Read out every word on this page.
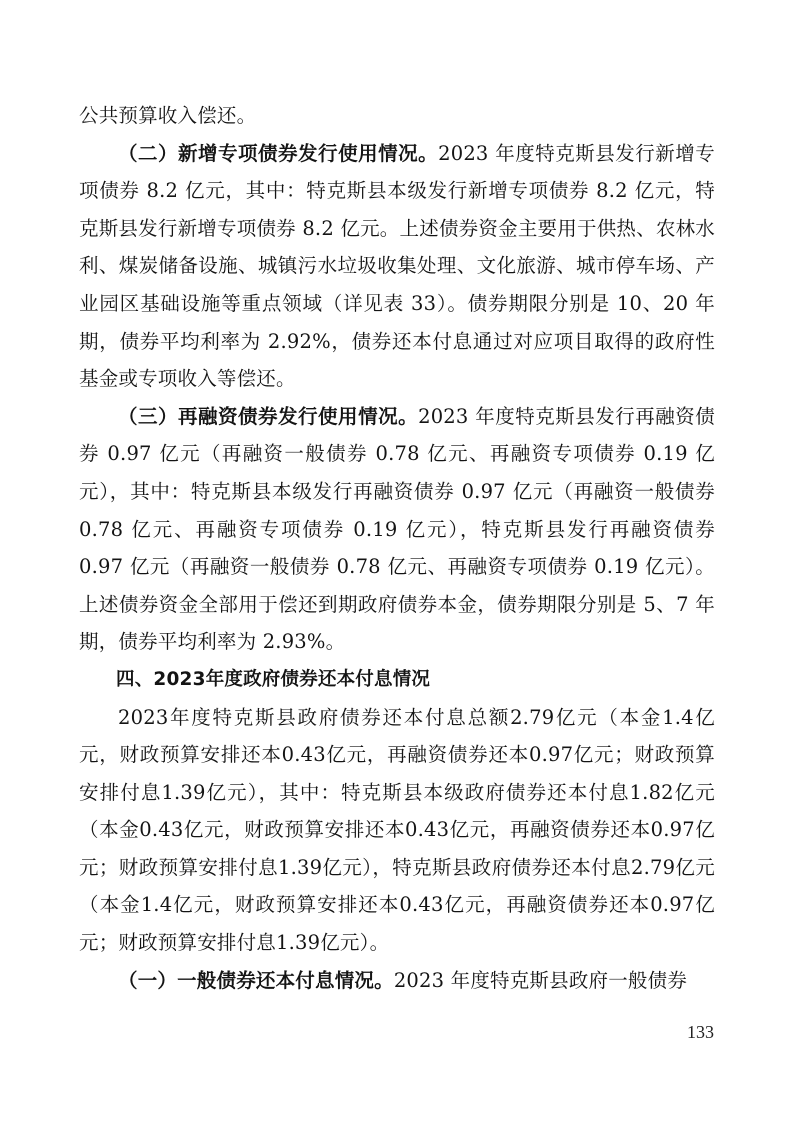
公共预算收入偿还。

（二）新增专项债券发行使用情况。2023 年度特克斯县发行新增专项债券 8.2 亿元，其中：特克斯县本级发行新增专项债券 8.2 亿元，特克斯县发行新增专项债券 8.2 亿元。上述债券资金主要用于供热、农林水利、煤炭储备设施、城镇污水垃圾收集处理、文化旅游、城市停车场、产业园区基础设施等重点领域（详见表 33）。债券期限分别是 10、20 年期，债券平均利率为 2.92%，债券还本付息通过对应项目取得的政府性基金或专项收入等偿还。

（三）再融资债券发行使用情况。2023 年度特克斯县发行再融资债券 0.97 亿元（再融资一般债券 0.78 亿元、再融资专项债券 0.19 亿元），其中：特克斯县本级发行再融资债券 0.97 亿元（再融资一般债券 0.78 亿元、再融资专项债券 0.19 亿元），特克斯县发行再融资债券 0.97 亿元（再融资一般债券 0.78 亿元、再融资专项债券 0.19 亿元）。上述债券资金全部用于偿还到期政府债券本金，债券期限分别是 5、7 年期，债券平均利率为 2.93%。

四、2023年度政府债券还本付息情况

2023年度特克斯县政府债券还本付息总额2.79亿元（本金1.4亿元，财政预算安排还本0.43亿元，再融资债券还本0.97亿元；财政预算安排付息1.39亿元），其中：特克斯县本级政府债券还本付息1.82亿元（本金0.43亿元，财政预算安排还本0.43亿元，再融资债券还本0.97亿元；财政预算安排付息1.39亿元），特克斯县政府债券还本付息2.79亿元（本金1.4亿元，财政预算安排还本0.43亿元，再融资债券还本0.97亿元；财政预算安排付息1.39亿元）。

（一）一般债券还本付息情况。2023 年度特克斯县政府一般债券

133
